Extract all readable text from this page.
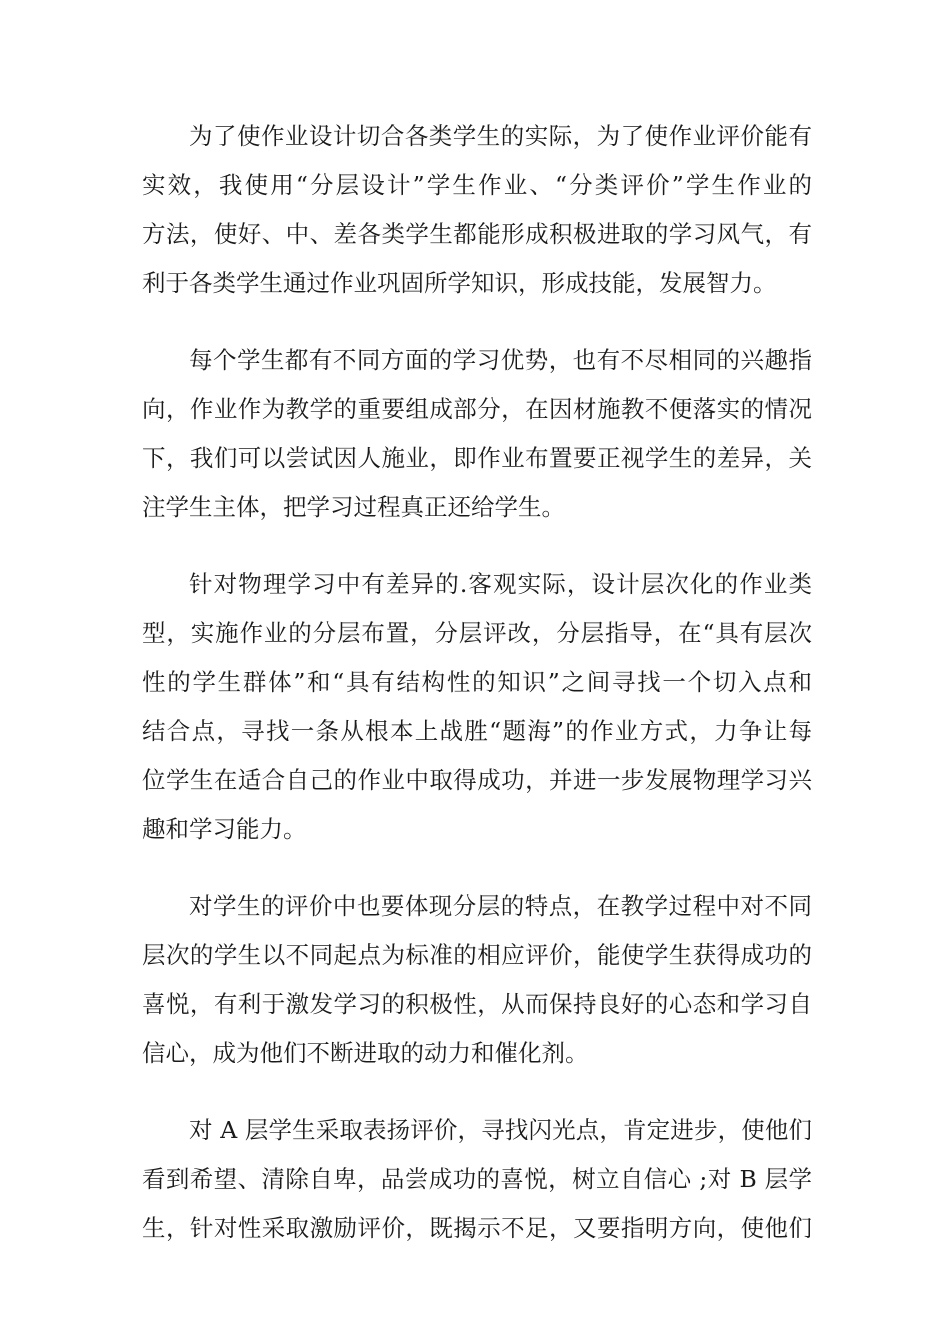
为了使作业设计切合各类学生的实际，为了使作业评价能有
实效，我使用“分层设计”学生作业、“分类评价”学生作业的
方法，使好、中、差各类学生都能形成积极进取的学习风气，有
利于各类学生通过作业巩固所学知识，形成技能，发展智力。

每个学生都有不同方面的学习优势，也有不尽相同的兴趣指
向，作业作为教学的重要组成部分，在因材施教不便落实的情况
下，我们可以尝试因人施业，即作业布置要正视学生的差异，关
注学生主体，把学习过程真正还给学生。

针对物理学习中有差异的.客观实际，设计层次化的作业类
型，实施作业的分层布置，分层评改，分层指导，在“具有层次
性的学生群体”和“具有结构性的知识”之间寻找一个切入点和
结合点，寻找一条从根本上战胜“题海”的作业方式，力争让每
位学生在适合自己的作业中取得成功，并进一步发展物理学习兴
趣和学习能力。

对学生的评价中也要体现分层的特点，在教学过程中对不同
层次的学生以不同起点为标准的相应评价，能使学生获得成功的
喜悦，有利于激发学习的积极性，从而保持良好的心态和学习自
信心，成为他们不断进取的动力和催化剂。

对 A 层学生采取表扬评价，寻找闪光点，肯定进步，使他们
看到希望、清除自卑，品尝成功的喜悦，树立自信心 ;对 B 层学
生，针对性采取激励评价，既揭示不足，又要指明方向，使他们
